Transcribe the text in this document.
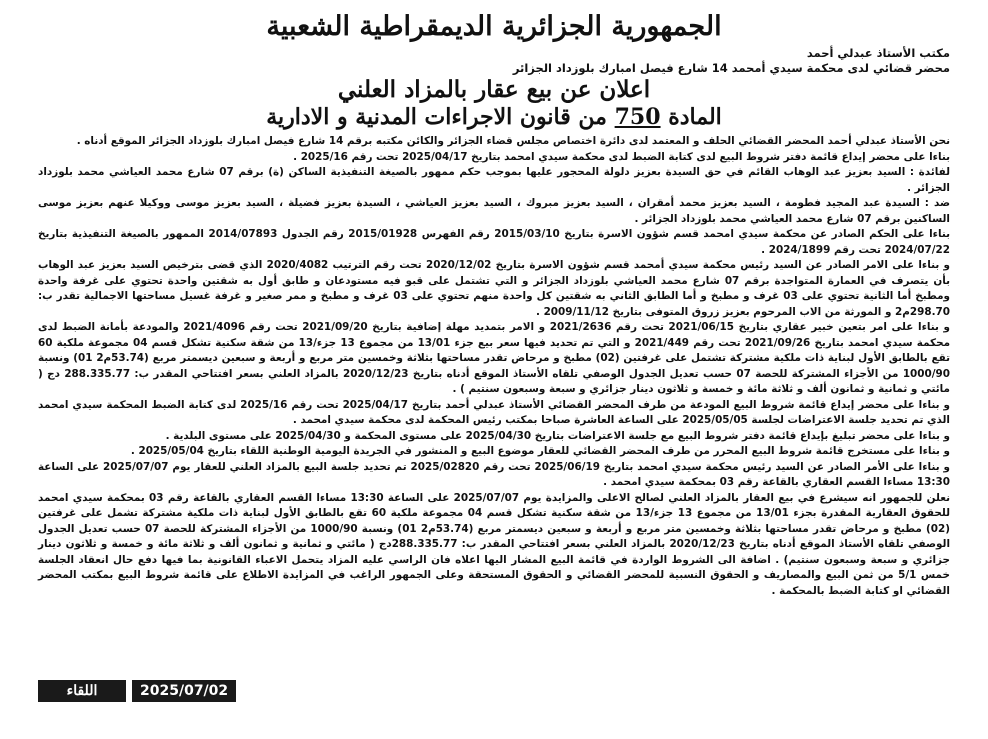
الجمهورية الجزائرية الديمقراطية الشعبية
مكتب الأستاذ عبدلي أحمد
محضر قضائي لدى محكمة سيدي أمحمد 14 شارع فيصل امبارك بلوزداد الجزائر
اعلان عن بيع عقار بالمزاد العلني
المادة 750 من قانون الاجراءات المدنية و الادارية

نحن الأستاذ عبدلي أحمد المحضر القضائي الحلف و المعتمد لدى دائرة اختصاص مجلس قضاء الجزائر والكائن مكتبه برقم 14 شارع فيصل امبارك بلوزداد الجزائر الموقع أدناه .

بناءا على محضر إيداع قائمة دفتر شروط البيع لدى كتابة الضبط لدى محكمة سيدي امحمد بتاريخ 2025/04/17 تحت رقم 2025/16 .

لفائدة : السيد بعزيز عبد الوهاب القائم في حق السيدة بعزيز دلولة المحجور عليها بموجب حكم ممهور بالصيغة التنفيذية الساكن (ة) برقم 07 شارع محمد العياشي محمد بلوزداد الجزائر .

ضد : السيدة عبد المجيد فطومة ، السيد بعزيز محمد أمقران ، السيد بعزيز مبروك ، السيد بعزيز العياشي ، السيدة بعزيز فضيلة ، السيد بعزيز موسى ووكيلا عنهم بعزيز موسى الساكنين برقم 07 شارع محمد العياشي محمد بلوزداد الجزائر .

بناءا على الحكم الصادر عن محكمة سيدي امحمد قسم شؤون الاسرة بتاريخ 2015/03/10 رقم الفهرس 2015/01928 رقم الجدول 2014/07893 الممهور بالصيغة التنفيذية بتاريخ 2024/07/22 تحت رقم 2024/1899 .

و بناءا على الامر الصادر عن السيد رئيس محكمة سيدي أمحمد قسم شؤون الاسرة بتاريخ 2020/12/02 تحت رقم الترتيب 2020/4082 الذي قضى بترخيص السيد بعزيز عبد الوهاب بأن يتصرف في العمارة المتواجدة برقم 07 شارع محمد العياشي بلوزداد الجزائر و التي تشتمل على قبو فيه مستودعان و طابق أول به شقتين واحدة تحتوي على غرفة واحدة ومطبخ أما الثانية تحتوي على 03 غرف و مطبخ و أما الطابق الثاني به شقتين كل واحدة منهم تحتوي على 03 غرف و مطبخ و ممر صغير و غرفة غسيل مساحتها الاجمالية تقدر ب: 298.70م2 و المورثة من الاب المرحوم بعزيز زروق المتوفى بتاريخ 2009/11/12 .

و بناءا على امر بتعين خبير عقاري بتاريخ 2021/06/15 تحت رقم 2021/2636 و الامر بتمديد مهلة إضافية بتاريخ 2021/09/20 تحت رقم 2021/4096 والمودعة بأمانة الضبط لدى محكمة سيدي امحمد بتاريخ 2021/09/26 تحت رقم 2021/449 و التي تم تحديد فيها سعر بيع جزء 13/01 من مجموع 13 جزء/13 من شقة سكنية تشكل قسم 04 مجموعة ملكية 60 تقع بالطابق الأول لبناية ذات ملكية مشتركة تشتمل على غرفتين (02) مطبخ و مرحاض تقدر مساحتها بثلاثة وخمسين متر مربع و أربعة و سبعين ديسمتر مربع (53.74م2 01) ونسبة 1000/90 من الأجزاء المشتركة للحصة 07 حسب تعديل الجدول الوصفي تلقاه الأستاذ الموقع أدناه بتاريخ 2020/12/23 بالمزاد العلني بسعر افتتاحي المقدر ب: 288.335.77 دج ( مائتي و ثمانية و ثمانون ألف و ثلاثة مائة و خمسة و ثلاثون دينار جزائري و سبعة وسبعون سنتيم ) .

و بناءا على محضر إيداع قائمة شروط البيع المودعة من طرف المحضر القضائي الأستاذ عبدلي أحمد بتاريخ 2025/04/17 تحت رقم 2025/16 لدى كتابة الضبط المحكمة سيدي امحمد الذي تم تحديد جلسة الاعتراضات لجلسة 2025/05/05 على الساعة العاشرة صباحا بمكتب رئيس المحكمة لدى محكمة سيدي امحمد .

و بناءا على محضر تبليغ بإيداع قائمة دفتر شروط البيع مع جلسة الاعتراضات بتاريخ 2025/04/30 على مستوى المحكمة و 2025/04/30 على مستوى البلدية .

و بناءا على مستخرج قائمة شروط البيع المحرر من طرف المحضر القضائي للعقار موضوع البيع و المنشور في الجريدة اليومية الوطنية اللقاء بتاريخ 2025/05/04 .

و بناءا على الأمر الصادر عن السيد رئيس محكمة سيدي امحمد بتاريخ 2025/06/19 تحت رقم 2025/02820 تم تحديد جلسة البيع بالمزاد العلني للعقار يوم 2025/07/07 على الساعة 13:30 مساءا القسم العقاري بالقاعة رقم 03 بمحكمة سيدي امحمد .

نعلن للجمهور انه سيشرع في بيع العقار بالمزاد العلني لصالح الاعلى والمزايدة يوم 2025/07/07 على الساعة 13:30 مساءا القسم العقاري بالقاعة رقم 03 بمحكمة سيدي امحمد للحقوق العقارية المقدرة بجزء 13/01 من مجموع 13 جزء/13 من شقة سكنية تشكل قسم 04 مجموعة ملكية 60 تقع بالطابق الأول لبناية ذات ملكية مشتركة تشمل على غرفتين (02) مطبخ و مرحاض تقدر مساحتها بثلاثة وخمسين متر مربع و أربعة و سبعين ديسمتر مربع (53.74م2 01) ونسبة 1000/90 من الأجزاء المشتركة للحصة 07 حسب تعديل الجدول الوصفي تلقاه الأستاذ الموقع أدناه بتاريخ 2020/12/23 بالمزاد العلني بسعر افتتاحي المقدر ب: 288.335.77دج ( مائتي و ثمانية و ثمانون ألف و ثلاثة مائة و خمسة و ثلاثون دينار جزائري و سبعة وسبعون سنتيم) . اضافة الى الشروط الواردة في قائمة البيع المشار اليها اعلاه فان الراسي عليه المزاد يتحمل الاعباء القانونية بما فيها دفع حال انعقاد الجلسة خمس 5/1 من ثمن البيع والمصاريف و الحقوق النسبية للمحضر القضائي و الحقوق المستحقة وعلى الجمهور الراغب في المزايدة الاطلاع على قائمة شروط البيع بمكتب المحضر القضائي او كتابة الضبط بالمحكمة .

اللقاء	2025/07/02
